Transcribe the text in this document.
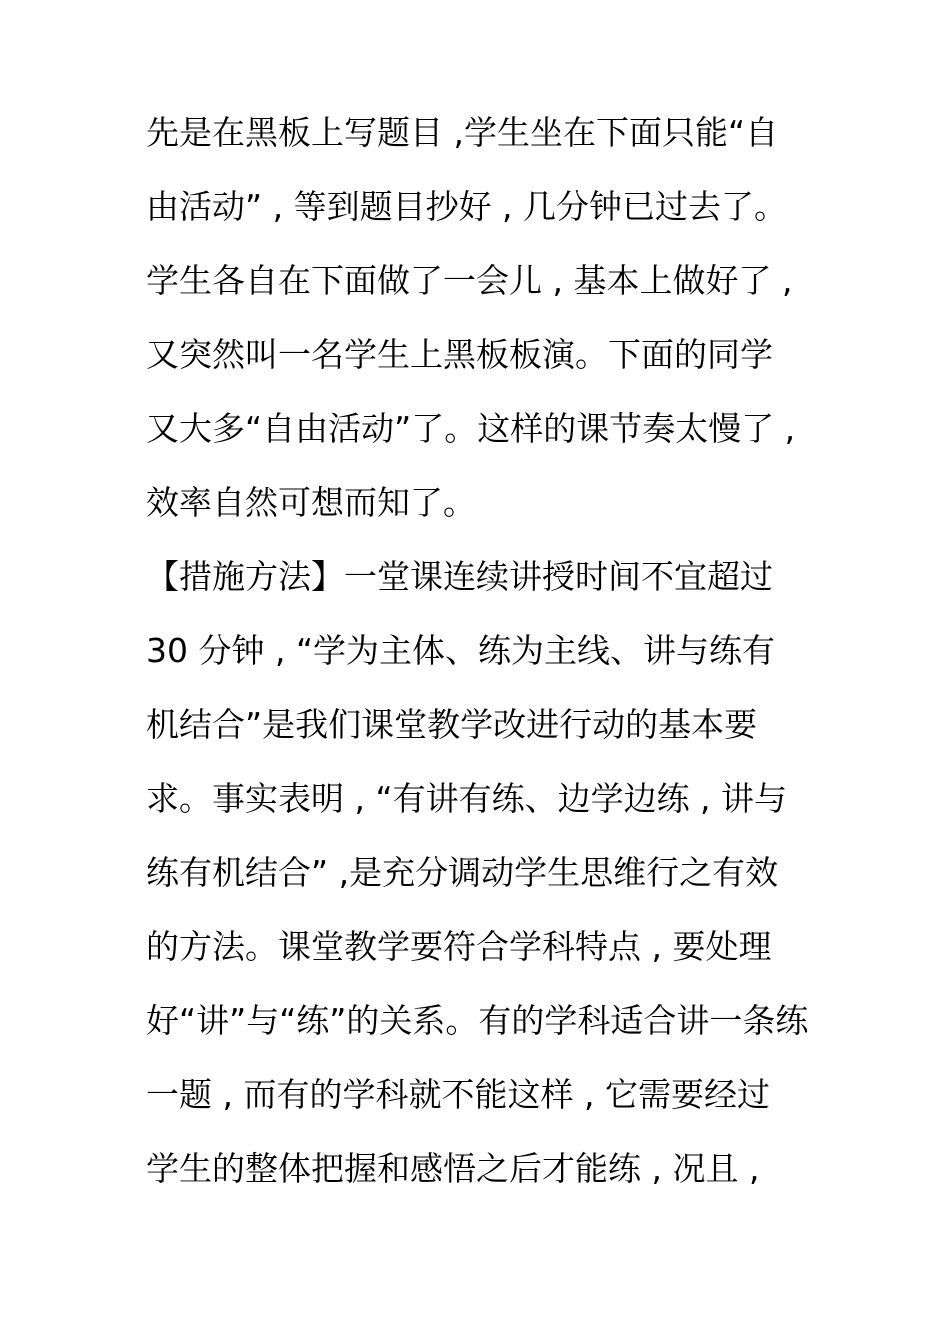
先是在黑板上写题目 ,学生坐在下面只能“自
由活动” , 等到题目抄好 , 几分钟已过去了。
学生各自在下面做了一会儿 , 基本上做好了 ,
又突然叫一名学生上黑板板演。下面的同学
又大多“自由活动”了。这样的课节奏太慢了 ,
效率自然可想而知了。
【措施方法】一堂课连续讲授时间不宜超过
30 分钟 , “学为主体、练为主线、讲与练有
机结合”是我们课堂教学改进行动的基本要
求。事实表明 , “有讲有练、边学边练 , 讲与
练有机结合” ,是充分调动学生思维行之有效
的方法。课堂教学要符合学科特点 , 要处理
好“讲”与“练”的关系。有的学科适合讲一条练
一题 , 而有的学科就不能这样 , 它需要经过
学生的整体把握和感悟之后才能练 , 况且 ,
